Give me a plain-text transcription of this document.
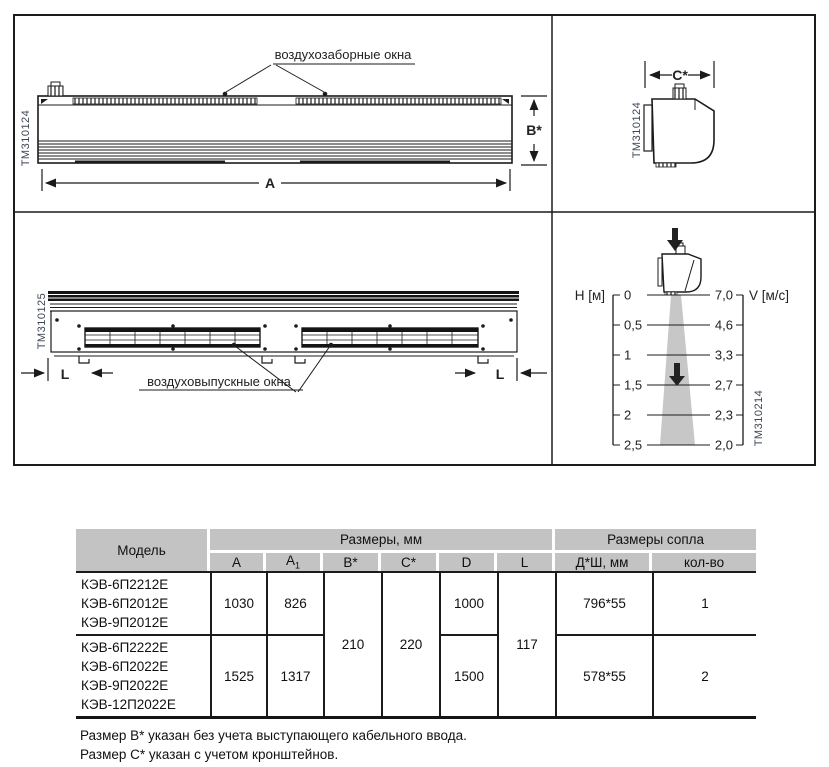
воздухозаборные окна
B*
A
TM310124
C*
TM310124
L	L
воздуховыпускные окна
TM310125	H [м]	V [м/с]
0
0,5
1
1,5
2
2,5
7,0
4,6
3,3
2,7
2,3
2,0 TM310214
Модель	Размеры, мм						Размеры сопла	
	A	$A_1$	B*	C*	D	L	Д*Ш, мм	кол-во

КЭВ-6П2212Е
КЭВ-6П2012Е
КЭВ-9П2012Е	1030	826	210	220	1000	117	796*55	1

КЭВ-6П2222Е
КЭВ-6П2022Е
КЭВ-9П2022Е
КЭВ-12П2022Е	1525	1317			1500		578*55	2
Размер B* указан без учета выступающего кабельного ввода.
Размер C* указан с учетом кронштейнов.
